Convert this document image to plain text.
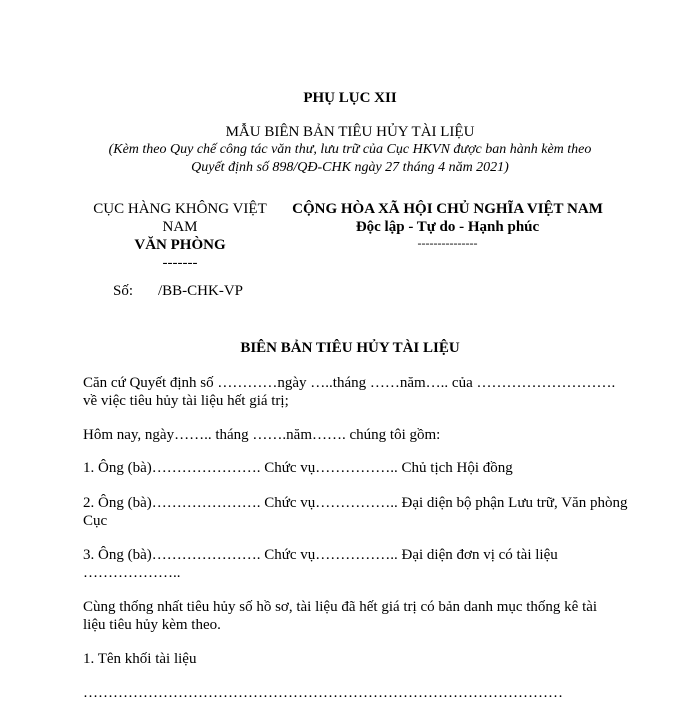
PHỤ LỤC XII
MẪU BIÊN BẢN TIÊU HỦY TÀI LIỆU
(Kèm theo Quy chế công tác văn thư, lưu trữ của Cục HKVN được ban hành kèm theo
Quyết định số 898/QĐ-CHK ngày 27 tháng 4 năm 2021)
CỤC HÀNG KHÔNG VIỆT
NAM
VĂN PHÒNG
-------
Số: /BB-CHK-VP
CỘNG HÒA XÃ HỘI CHỦ NGHĨA VIỆT NAM
Độc lập - Tự do - Hạnh phúc
---------------
BIÊN BẢN TIÊU HỦY TÀI LIỆU
Căn cứ Quyết định số …………ngày …..tháng ……năm….. của ……………………….
về việc tiêu hủy tài liệu hết giá trị;
Hôm nay, ngày…….. tháng …….năm……. chúng tôi gồm:
1. Ông (bà)…………………. Chức vụ…………….. Chủ tịch Hội đồng
2. Ông (bà)…………………. Chức vụ…………….. Đại diện bộ phận Lưu trữ, Văn phòng
Cục
3. Ông (bà)…………………. Chức vụ…………….. Đại diện đơn vị có tài liệu
………………..
Cùng thống nhất tiêu hủy số hồ sơ, tài liệu đã hết giá trị có bản danh mục thống kê tài
liệu tiêu hủy kèm theo.
1. Tên khối tài liệu
……………………………………………………………………………………
